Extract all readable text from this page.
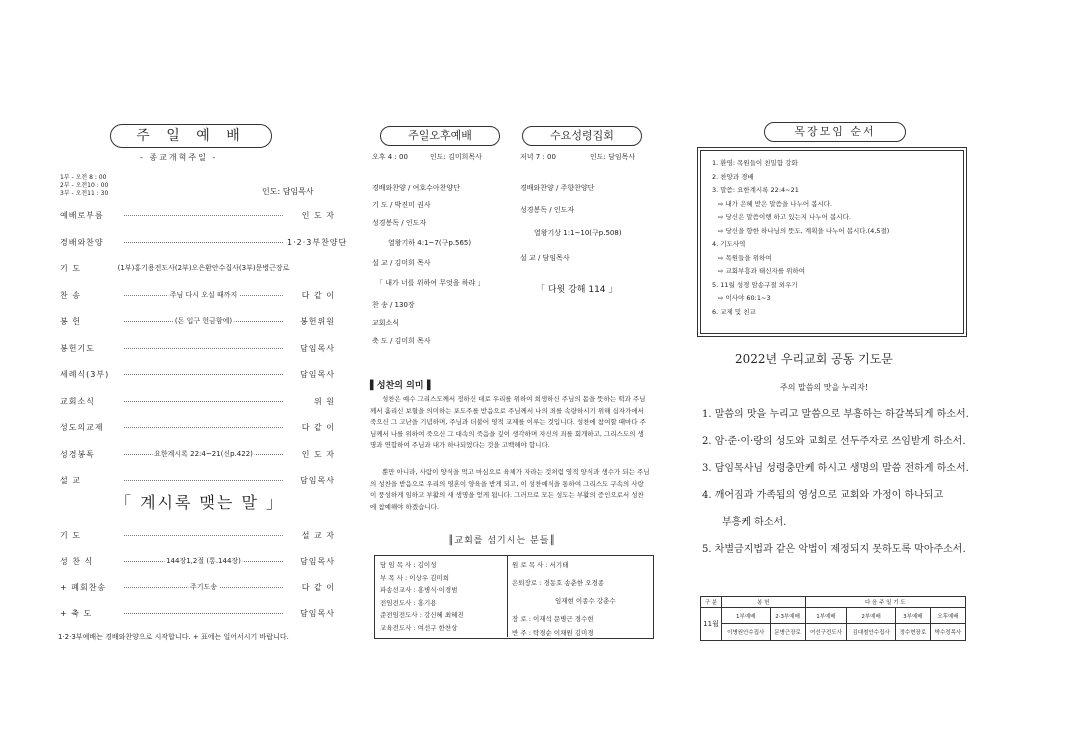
주 일 예 배
- 종교개혁주일 -
1부 - 오전 8 : 00
2부 - 오전10 : 00
3부 - 오전11 : 30	인도: 담임목사
예배로부름	인 도 자
경배와찬양	1·2·3부찬양단
기 도	(1부)홍기용전도사(2부)오은환안수집사(3부)문병근장로
찬 송	주님 다시 오실 때까지	다 같 이
봉 헌	(돈 입구 헌금함에)	봉헌위원
봉헌기도	담임목사
세례식(3부)	담임목사
교회소식	위 원
성도의교제	다 같 이
성경봉독	요한계시록 22:4~21(신p.422)	인 도 자
설 교	담임목사
「 계시록 맺는 말 」
기 도	설 교 자
성 찬 식	144장1,2절 (통.144장)	담임목사
+ 폐회찬송	주기도송	다 같 이
+ 축 도	담임목사
1·2·3부예배는 경배와찬양으로 시작합니다. + 표에는 일어서시기 바랍니다.
주일오후예배
오후 4 : 00	인도: 김미희목사
경배와찬양 / 여호수아찬양단
기 도 / 박진미 권사
성경봉독 / 인도자
열왕기하 4:1~7(구p.565)
설 교 / 김미희 목사
「 내가 너를 위하여 무엇을 하랴 」
찬 송 / 130장
교회소식
축 도 / 김미희 목사
수요성령집회
저녁 7 : 00	인도: 담임목사
경배와찬양 / 주향찬양단
성경봉독 / 인도자
열왕기상 1:1~10(구p.508)
설 교 / 담임목사
「 다윗 강해 114 」
▌성찬의 의미▐
성찬은 예수 그리스도께서 정하신 대로 우리를 위하여 희생하신 주님의 몸을 뜻하는 떡과 주님께서 흘리신 보혈을 의미하는 포도주를 받음으로 주님께서 나의 죄를 속량하시기 위해 십자가에서 죽으신 그 고난을 기념하며, 주님과 더불어 영적 교제를 이루는 것입니다. 성찬에 참여할 때마다 주님께서 나를 위하여 죽으신 그 대속의 죽음을 깊이 생각하며 자신의 죄를 회개하고, 그리스도의 생명과 연합하여 주님과 내가 하나되었다는 것을 고백해야 합니다.
뿐만 아니라, 사람이 양식을 먹고 마심으로 육체가 자라는 것처럼 영적 양식과 생수가 되는 주님의 성찬을 받음으로 우리의 영혼이 양육을 받게 되고, 이 성찬예식을 통하여 그리스도 구속의 사랑이 풍성하게 임하고 부활의 새 생명을 얻게 됩니다. 그러므로 모든 성도는 부활의 증인으로서 성찬에 참예해야 하겠습니다.
║교회를 섬기시는 분들║
담 임 목 사 : 김이성
부 목 사 : 이상우 김미희
파송선교사 : 홍병식·이경범
전임전도사 : 홍기용
준전임전도사 : 강신혜 최혜진
교육전도사 : 여선구 한찬상
원 로 목 사 : 서기태
은퇴장로 : 경동호 송춘한 오경종
임재현 이종수 강춘수
장 로 : 이재석 문병근 경수현
반 주 : 탁경순 이채원 김미경
목장모임 순서
1. 환영: 목원들이 친밀함 강화
2. 찬양과 경배
3. 말씀: 요한계시록 22:4~21
⇨ 내가 은혜 받은 말씀을 나누어 봅시다.
⇨ 당신은 말씀이행 하고 있는지 나누어 봅시다.
⇨ 당신을 향한 하나님의 뜻도, 계획을 나누어 봅시다.(4,5절)
4. 기도사역
⇨ 목원들을 위하여
⇨ 교회부흥과 태신자를 위하여
5. 11월 성경 암송구절 외우기
⇨ 이사야 60:1~3
6. 교제 및 친교
2022년 우리교회 공동 기도문
주의 말씀의 맛을 누리자!
1. 말씀의 맛을 누리고 말씀으로 부흥하는 하갈복되게 하소서.
2. 암·준·이·랑의 성도와 교회로 선두주자로 쓰임받게 하소서.
3. 담임목사님 성령충만케 하시고 생명의 말씀 전하게 하소서.
4. 깨어짐과 가족됨의 영성으로 교회와 가정이 하나되고
부흥케 하소서.
5. 차별금지법과 같은 악법이 제정되지 못하도록 막아주소서.
구 분	봉 헌		다 음 주 일 기 도			
11월	1부예배	2·3부예배	1부예배	2부예배	3부예배	오후예배
	이병원안수집사	문병근장로	여선구전도사	김대철안수집사	정수현장로	박수정목사
